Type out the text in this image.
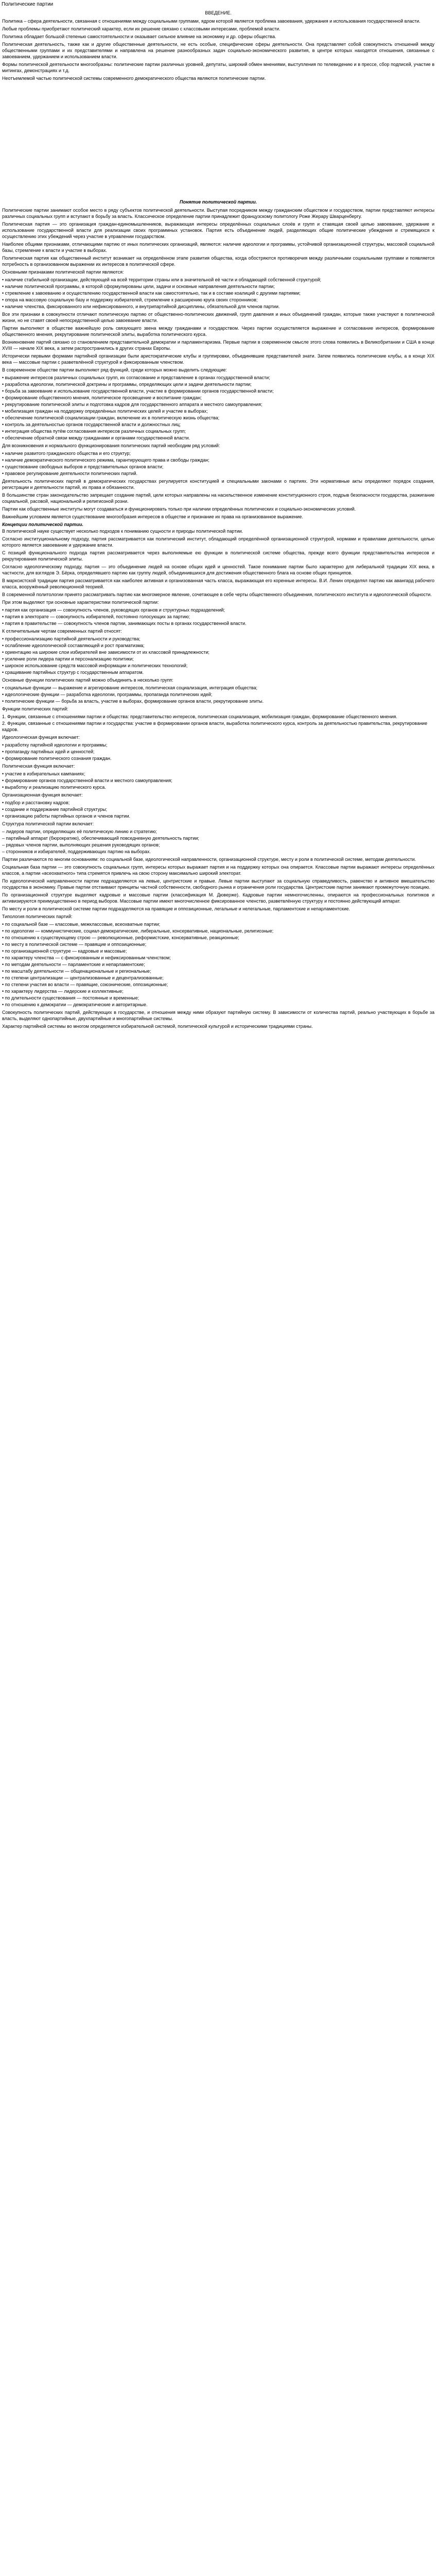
Политические партии
ВВЕДЕНИЕ.

Политика – сфера деятельности, связанная с отношениями между социальными группами, ядром которой является проблема завоевания, удержания и использования государственной власти.

Любые проблемы приобретают политический характер, если их решение связано с классовыми интересами, проблемой власти.

Политика обладает большой степенью самостоятельности и оказывает сильное влияние на экономику и др. сферы общества.

Политическая деятельность, также как и другие общественные деятельности, не есть особые, специфические сферы деятельности. Она представляет собой совокупность отношений между общественными группами и их представителями и направлена на решение разнообразных задач социально-экономического развития, в центре которых находятся отношения, связанные с завоеванием, удержанием и использованием власти.

Формы политической деятельности многообразны: политические партии различных уровней, депутаты, широкий обмен мнениями, выступления по телевидению и в прессе, сбор подписей, участие в митингах, демонстрациях и т.д.

Неотъемлемой частью политической системы современного демократического общества являются политические партии.

Понятие политической партии.

Политические партии занимают особое место в ряду субъектов политической деятельности. Выступая посредником между гражданским обществом и государством, партии представляют интересы различных социальных групп и вступают в борьбу за власть. Классическое определение партии принадлежит французскому политологу Роже Жерару Шварценбергу.

Политическая партия — это организация граждан-единомышленников, выражающая интересы определённых социальных слоёв и групп и ставящая своей целью завоевание, удержание и использование государственной власти для реализации своих программных установок. Партия есть объединение людей, разделяющих общие политические убеждения и стремящихся к осуществлению этих убеждений через участие в управлении государством.

Наиболее общими признаками, отличающими партию от иных политических организаций, являются: наличие идеологии и программы, устойчивой организационной структуры, массовой социальной базы, стремление к власти и участие в выборах.

Политическая партия как общественный институт возникает на определённом этапе развития общества, когда обостряются противоречия между различными социальными группами и появляется потребность в организованном выражении их интересов в политической сфере.

Основными признаками политической партии являются:

• наличие стабильной организации, действующей на всей территории страны или в значительной её части и обладающей собственной структурой;
• наличие политической программы, в которой сформулированы цели, задачи и основные направления деятельности партии;
• стремление к завоеванию и осуществлению государственной власти как самостоятельно, так и в составе коалиций с другими партиями;
• опора на массовую социальную базу и поддержку избирателей, стремление к расширению круга своих сторонников;
• наличие членства, фиксированного или нефиксированного, и внутрипартийной дисциплины, обязательной для членов партии.

Все эти признаки в совокупности отличают политическую партию от общественно-политических движений, групп давления и иных объединений граждан, которые также участвуют в политической жизни, но не ставят своей непосредственной целью завоевание власти.

Партии выполняют в обществе важнейшую роль связующего звена между гражданами и государством. Через партии осуществляется выражение и согласование интересов, формирование общественного мнения, рекрутирование политической элиты, выработка политического курса.

Возникновение партий связано со становлением представительной демократии и парламентаризма. Первые партии в современном смысле этого слова появились в Великобритании и США в конце XVIII — начале XIX века, а затем распространились в других странах Европы.

Исторически первыми формами партийной организации были аристократические клубы и группировки, объединявшие представителей знати. Затем появились политические клубы, а в конце XIX века — массовые партии с разветвлённой структурой и фиксированным членством.

В современном обществе партии выполняют ряд функций, среди которых можно выделить следующие:

• выражение интересов различных социальных групп, их согласование и представление в органах государственной власти;
• разработка идеологии, политической доктрины и программы, определяющих цели и задачи деятельности партии;
• борьба за завоевание и использование государственной власти, участие в формировании органов государственной власти;
• формирование общественного мнения, политическое просвещение и воспитание граждан;
• рекрутирование политической элиты и подготовка кадров для государственного аппарата и местного самоуправления;
• мобилизация граждан на поддержку определённых политических целей и участие в выборах;
• обеспечение политической социализации граждан, включение их в политическую жизнь общества;
• контроль за деятельностью органов государственной власти и должностных лиц;
• интеграция общества путём согласования интересов различных социальных групп;
• обеспечение обратной связи между гражданами и органами государственной власти.

Для возникновения и нормального функционирования политических партий необходим ряд условий:

• наличие развитого гражданского общества и его структур;
• наличие демократического политического режима, гарантирующего права и свободы граждан;
• существование свободных выборов и представительных органов власти;
• правовое регулирование деятельности политических партий.

Деятельность политических партий в демократических государствах регулируется конституцией и специальными законами о партиях. Эти нормативные акты определяют порядок создания, регистрации и деятельности партий, их права и обязанности.

В большинстве стран законодательство запрещает создание партий, цели которых направлены на насильственное изменение конституционного строя, подрыв безопасности государства, разжигание социальной, расовой, национальной и религиозной розни.

Партии как общественные институты могут создаваться и функционировать только при наличии определённых политических и социально-экономических условий.

Важнейшим условием является существование многообразия интересов в обществе и признание их права на организованное выражение.

Концепции политической партии.

В политической науке существует несколько подходов к пониманию сущности и природы политической партии.

Согласно институциональному подходу, партия рассматривается как политический институт, обладающий определённой организационной структурой, нормами и правилами деятельности, целью которого является завоевание и удержание власти.

С позиций функционального подхода партия рассматривается через выполняемые ею функции в политической системе общества, прежде всего функции представительства интересов и рекрутирования политической элиты.

Согласно идеологическому подходу, партия — это объединение людей на основе общих идей и ценностей. Такое понимание партии было характерно для либеральной традиции XIX века, в частности, для взглядов Э. Бёрка, определявшего партию как группу людей, объединившихся для достижения общественного блага на основе общих принципов.

В марксистской традиции партия рассматривается как наиболее активная и организованная часть класса, выражающая его коренные интересы. В.И. Ленин определял партию как авангард рабочего класса, вооружённый революционной теорией.

В современной политологии принято рассматривать партию как многомерное явление, сочетающее в себе черты общественного объединения, политического института и идеологической общности.

При этом выделяют три основные характеристики политической партии:

• партия как организация — совокупность членов, руководящих органов и структурных подразделений;
• партия в электорате — совокупность избирателей, постоянно голосующих за партию;
• партия в правительстве — совокупность членов партии, занимающих посты в органах государственной власти.

К отличительным чертам современных партий относят:

• профессионализацию партийной деятельности и руководства;
• ослабление идеологической составляющей и рост прагматизма;
• ориентацию на широкие слои избирателей вне зависимости от их классовой принадлежности;
• усиление роли лидера партии и персонализацию политики;
• широкое использование средств массовой информации и политических технологий;
• сращивание партийных структур с государственным аппаратом.

Основные функции политических партий можно объединить в несколько групп:

• социальные функции — выражение и агрегирование интересов, политическая социализация, интеграция общества;
• идеологические функции — разработка идеологии, программы, пропаганда политических идей;
• политические функции — борьба за власть, участие в выборах, формирование органов власти, рекрутирование элиты.

Функции политических партий:

1. Функции, связанные с отношениями партии и общества: представительство интересов, политическая социализация, мобилизация граждан, формирование общественного мнения.
2. Функции, связанные с отношениями партии и государства: участие в формировании органов власти, выработка политического курса, контроль за деятельностью правительства, рекрутирование кадров.

Идеологическая функция включает:

• разработку партийной идеологии и программы;
• пропаганду партийных идей и ценностей;
• формирование политического сознания граждан.

Политическая функция включает:

• участие в избирательных кампаниях;
• формирование органов государственной власти и местного самоуправления;
• выработку и реализацию политического курса.

Организационная функция включает:

• подбор и расстановку кадров;
• создание и поддержание партийной структуры;
• организацию работы партийных органов и членов партии.

Структура политической партии включает:

– лидеров партии, определяющих её политическую линию и стратегию;
– партийный аппарат (бюрократию), обеспечивающий повседневную деятельность партии;
– рядовых членов партии, выполняющих решения руководящих органов;
– сторонников и избирателей, поддерживающих партию на выборах.

Партии различаются по многим основаниям: по социальной базе, идеологической направленности, организационной структуре, месту и роли в политической системе, методам деятельности.

Социальная база партии — это совокупность социальных групп, интересы которых выражает партия и на поддержку которых она опирается. Классовые партии выражают интересы определённых классов, а партии «всеохватного» типа стремятся привлечь на свою сторону максимально широкий электорат.

По идеологической направленности партии подразделяются на левые, центристские и правые. Левые партии выступают за социальную справедливость, равенство и активное вмешательство государства в экономику. Правые партии отстаивают принципы частной собственности, свободного рынка и ограничения роли государства. Центристские партии занимают промежуточную позицию.

По организационной структуре выделяют кадровые и массовые партии (классификация М. Дюверже). Кадровые партии немногочисленны, опираются на профессиональных политиков и активизируются преимущественно в период выборов. Массовые партии имеют многочисленное фиксированное членство, разветвлённую структуру и постоянно действующий аппарат.

По месту и роли в политической системе партии подразделяются на правящие и оппозиционные, легальные и нелегальные, парламентские и непарламентские.

Типология политических партий:

• по социальной базе — классовые, межклассовые, всеохватные партии;
• по идеологии — коммунистические, социал-демократические, либеральные, консервативные, национальные, религиозные;
• по отношению к существующему строю — революционные, реформистские, консервативные, реакционные;
• по месту в политической системе — правящие и оппозиционные;
• по организационной структуре — кадровые и массовые;
• по характеру членства — с фиксированным и нефиксированным членством;
• по методам деятельности — парламентские и непарламентские;
• по масштабу деятельности — общенациональные и региональные;
• по степени централизации — централизованные и децентрализованные;
• по степени участия во власти — правящие, союзнические, оппозиционные;
• по характеру лидерства — лидерские и коллективные;
• по длительности существования — постоянные и временные;
• по отношению к демократии — демократические и авторитарные.

Совокупность политических партий, действующих в государстве, и отношения между ними образуют партийную систему. В зависимости от количества партий, реально участвующих в борьбе за власть, выделяют однопартийные, двухпартийные и многопартийные системы.

Характер партийной системы во многом определяется избирательной системой, политической культурой и историческими традициями страны.
